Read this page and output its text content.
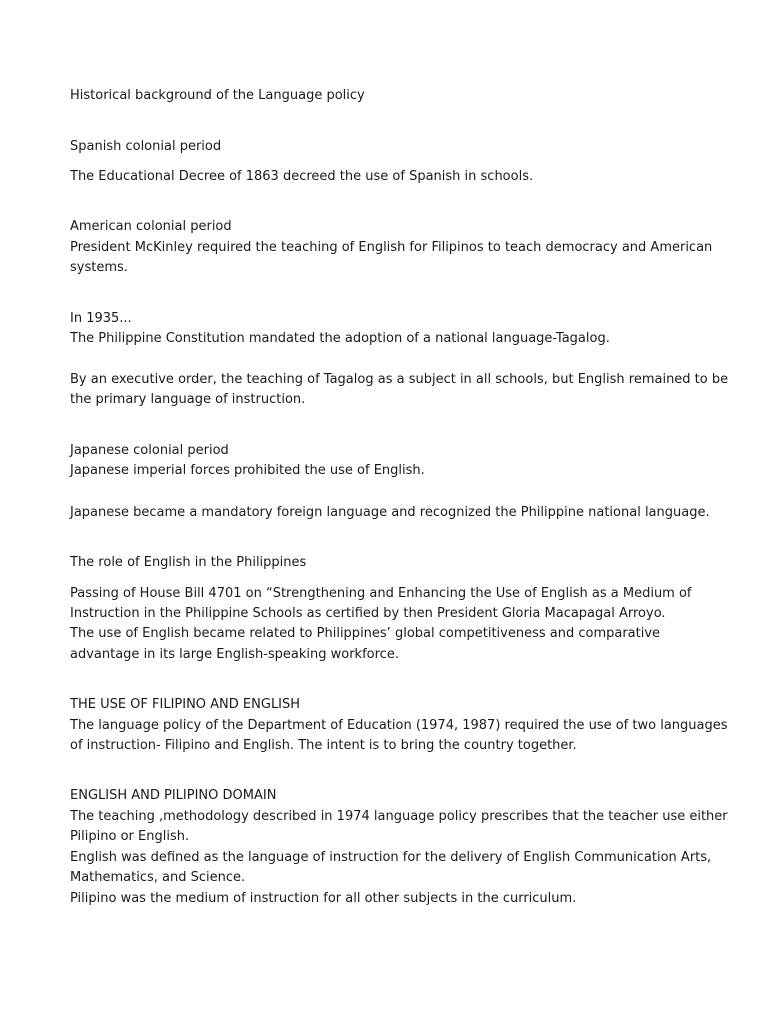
Historical background of the Language policy

Spanish colonial period

The Educational Decree of 1863 decreed the use of Spanish in schools.

American colonial period

President McKinley required the teaching of English for Filipinos to teach democracy and American

systems.

In 1935...

The Philippine Constitution mandated the adoption of a national language-Tagalog.

By an executive order, the teaching of Tagalog as a subject in all schools, but English remained to be

the primary language of instruction.

Japanese colonial period

Japanese imperial forces prohibited the use of English.

Japanese became a mandatory foreign language and recognized the Philippine national language.

The role of English in the Philippines

Passing of House Bill 4701 on “Strengthening and Enhancing the Use of English as a Medium of

Instruction in the Philippine Schools as certified by then President Gloria Macapagal Arroyo.

The use of English became related to Philippines’ global competitiveness and comparative

advantage in its large English-speaking workforce.

THE USE OF FILIPINO AND ENGLISH

The language policy of the Department of Education (1974, 1987) required the use of two languages

of instruction- Filipino and English. The intent is to bring the country together.

ENGLISH AND PILIPINO DOMAIN

The teaching ,methodology described in 1974 language policy prescribes that the teacher use either

Pilipino or English.

English was defined as the language of instruction for the delivery of English Communication Arts,

Mathematics, and Science.

Pilipino was the medium of instruction for all other subjects in the curriculum.
